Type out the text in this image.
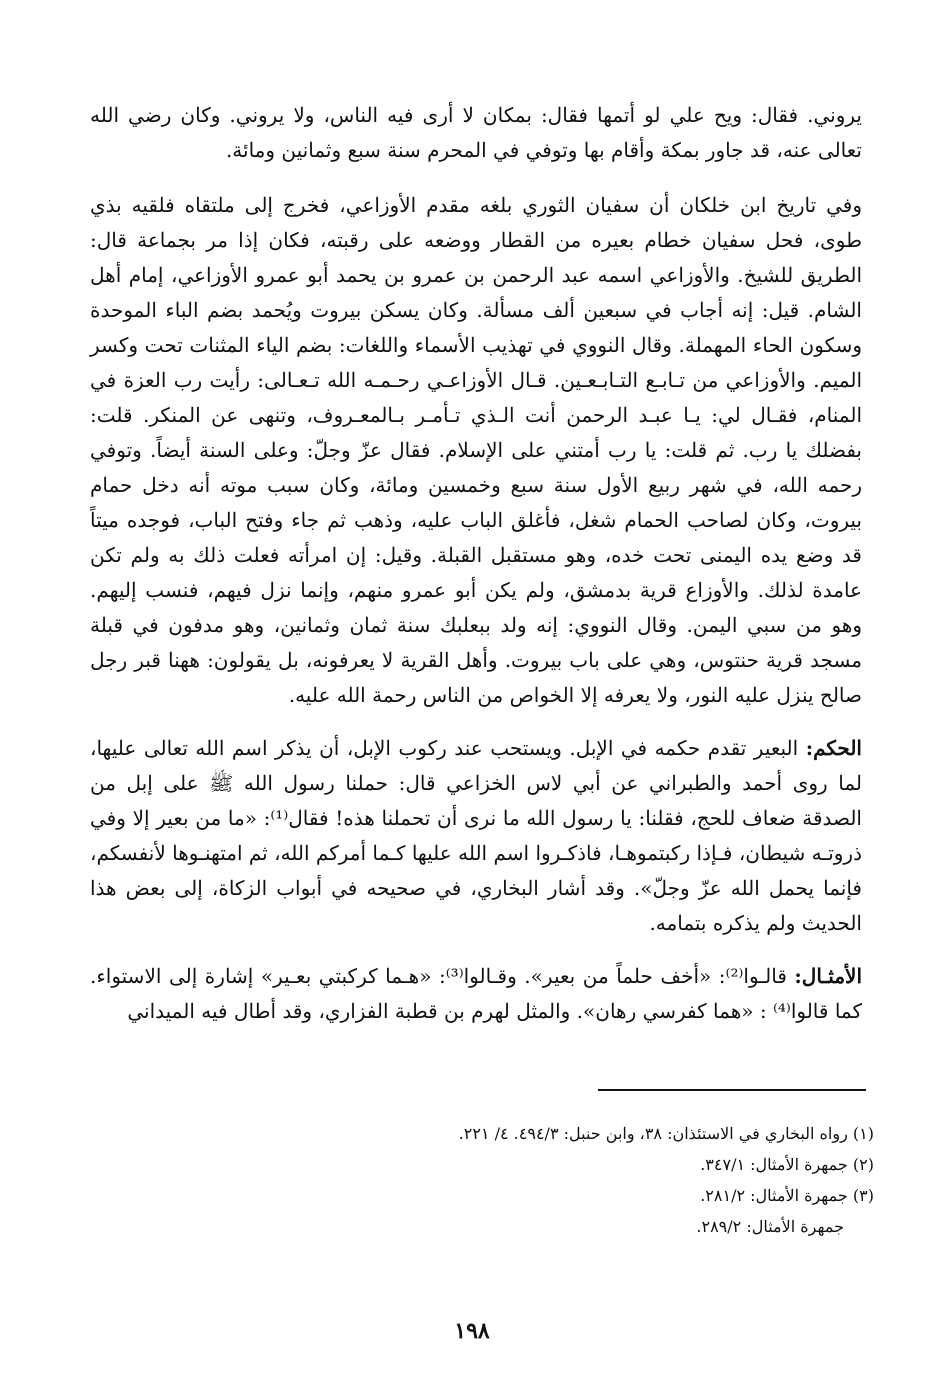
يروني. فقال: ويح علي لو أتمها فقال: بمكان لا أرى فيه الناس، ولا يروني. وكان رضي الله تعالى عنه، قد جاور بمكة وأقام بها وتوفي في المحرم سنة سبع وثمانين ومائة.

وفي تاريخ ابن خلكان أن سفيان الثوري بلغه مقدم الأوزاعي، فخرج إلى ملتقاه فلقيه بذي طوى، فحل سفيان خطام بعيره من القطار ووضعه على رقبته، فكان إذا مر بجماعة قال: الطريق للشيخ. والأوزاعي اسمه عبد الرحمن بن عمرو بن يحمد أبو عمرو الأوزاعي، إمام أهل الشام. قيل: إنه أجاب في سبعين ألف مسألة. وكان يسكن بيروت ويُحمد بضم الباء الموحدة وسكون الحاء المهملة. وقال النووي في تهذيب الأسماء واللغات: بضم الياء المثنات تحت وكسر الميم. والأوزاعي من تـابـع التـابـعـين. قـال الأوزاعـي رحـمـه الله تـعـالى: رأيت رب العزة في المنام، فقـال لي: يـا عبـد الرحمن أنت الـذي تـأمـر بـالمعـروف، وتنهى عن المنكر. قلت: بفضلك يا رب. ثم قلت: يا رب أمتني على الإسلام. فقال عزّ وجلّ: وعلى السنة أيضاً. وتوفي رحمه الله، في شهر ربيع الأول سنة سبع وخمسين ومائة، وكان سبب موته أنه دخل حمام بيروت، وكان لصاحب الحمام شغل، فأغلق الباب عليه، وذهب ثم جاء وفتح الباب، فوجده ميتاً قد وضع يده اليمنى تحت خده، وهو مستقبل القبلة. وقيل: إن امرأته فعلت ذلك به ولم تكن عامدة لذلك. والأوزاع قرية بدمشق، ولم يكن أبو عمرو منهم، وإنما نزل فيهم، فنسب إليهم. وهو من سبي اليمن. وقال النووي: إنه ولد ببعلبك سنة ثمان وثمانين، وهو مدفون في قبلة مسجد قرية حنتوس، وهي على باب بيروت. وأهل القرية لا يعرفونه، بل يقولون: ههنا قبر رجل صالح ينزل عليه النور، ولا يعرفه إلا الخواص من الناس رحمة الله عليه.

الحكم: البعير تقدم حكمه في الإبل. ويستحب عند ركوب الإبل، أن يذكر اسم الله تعالى عليها، لما روى أحمد والطبراني عن أبي لاس الخزاعي قال: حملنا رسول الله ﷺ على إبل من الصدقة ضعاف للحج، فقلنا: يا رسول الله ما نرى أن تحملنا هذه! فقال⁽¹⁾: «ما من بعير إلا وفي ذروتـه شيطان، فـإذا ركبتموهـا، فاذكـروا اسم الله عليها كـما أمركم الله، ثم امتهنـوها لأنفسكم، فإنما يحمل الله عزّ وجلّ». وقد أشار البخاري، في صحيحه في أبواب الزكاة، إلى بعض هذا الحديث ولم يذكره بتمامه.

الأمثـال: قالـوا⁽²⁾: «أخف حلماً من بعير». وقـالوا⁽³⁾: «هـما كركبتي بعـير» إشارة إلى الاستواء. كما قالوا⁽⁴⁾ : «هما كفرسي رهان». والمثل لهرم بن قطبة الفزاري، وقد أطال فيه الميداني

(١) رواه البخاري في الاستئذان: ٣٨، وابن حنبل: ٤٩٤/٣. ٤/ ٢٢١.
(٢) جمهرة الأمثال: ٣٤٧/١.
(٣) جمهرة الأمثال: ٢٨١/٢.
جمهرة الأمثال: ٢٨٩/٢.
١٩٨
